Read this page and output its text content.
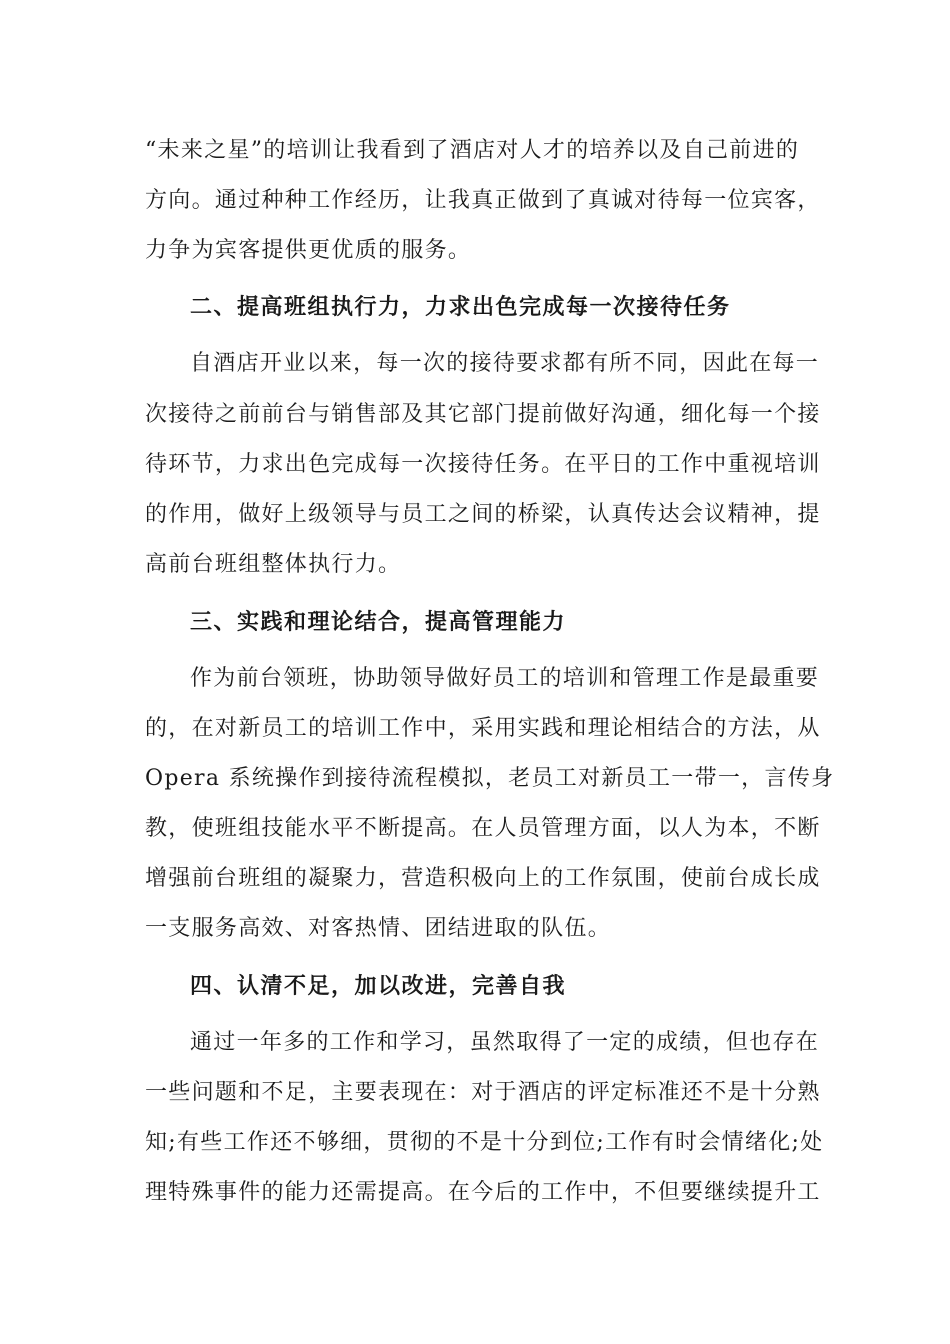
“未来之星”的培训让我看到了酒店对人才的培养以及自己前进的
方向。通过种种工作经历，让我真正做到了真诚对待每一位宾客，
力争为宾客提供更优质的服务。
二、提高班组执行力，力求出色完成每一次接待任务
自酒店开业以来，每一次的接待要求都有所不同，因此在每一
次接待之前前台与销售部及其它部门提前做好沟通，细化每一个接
待环节，力求出色完成每一次接待任务。在平日的工作中重视培训
的作用，做好上级领导与员工之间的桥梁，认真传达会议精神，提
高前台班组整体执行力。
三、实践和理论结合，提高管理能力
作为前台领班，协助领导做好员工的培训和管理工作是最重要
的，在对新员工的培训工作中，采用实践和理论相结合的方法，从
Opera 系统操作到接待流程模拟，老员工对新员工一带一，言传身
教，使班组技能水平不断提高。在人员管理方面，以人为本，不断
增强前台班组的凝聚力，营造积极向上的工作氛围，使前台成长成
一支服务高效、对客热情、团结进取的队伍。
四、认清不足，加以改进，完善自我
通过一年多的工作和学习，虽然取得了一定的成绩，但也存在
一些问题和不足，主要表现在：对于酒店的评定标准还不是十分熟
知;有些工作还不够细，贯彻的不是十分到位;工作有时会情绪化;处
理特殊事件的能力还需提高。在今后的工作中，不但要继续提升工
